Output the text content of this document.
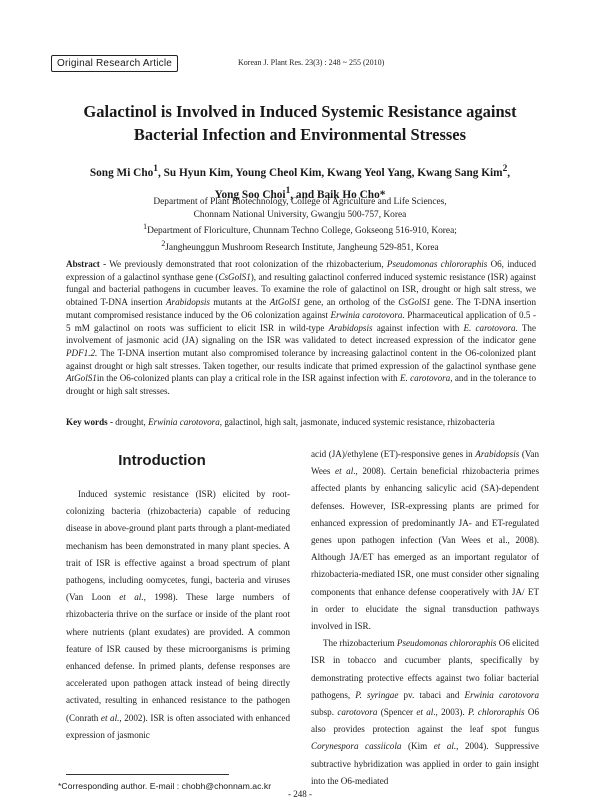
Original Research Article	Korean J. Plant Res. 23(3) : 248 ~ 255 (2010)
Galactinol is Involved in Induced Systemic Resistance against
Bacterial Infection and Environmental Stresses
Song Mi Cho$^1$, Su Hyun Kim, Young Cheol Kim, Kwang Yeol Yang, Kwang Sang Kim$^2$,
Yong Soo Choi$^1$, and Baik Ho Cho*
Department of Plant Biotechnology, College of Agriculture and Life Sciences,
Chonnam National University, Gwangju 500-757, Korea
$^1$Department of Floriculture, Chunnam Techno College, Gokseong 516-910, Korea;
$^2$Jangheunggun Mushroom Research Institute, Jangheung 529-851, Korea
Abstract - We previously demonstrated that root colonization of the rhizobacterium, Pseudomonas chlororaphis O6, induced expression of a galactinol synthase gene (CsGolS1), and resulting galactinol conferred induced systemic resistance (ISR) against fungal and bacterial pathogens in cucumber leaves. To examine the role of galactinol on ISR, drought or high salt stress, we obtained T-DNA insertion Arabidopsis mutants at the AtGolS1 gene, an ortholog of the CsGolS1 gene. The T-DNA insertion mutant compromised resistance induced by the O6 colonization against Erwinia carotovora. Pharmaceutical application of 0.5 - 5 mM galactinol on roots was sufficient to elicit ISR in wild-type Arabidopsis against infection with E. carotovora. The involvement of jasmonic acid (JA) signaling on the ISR was validated to detect increased expression of the indicator gene PDF1.2. The T-DNA insertion mutant also compromised tolerance by increasing galactinol content in the O6-colonized plant against drought or high salt stresses. Taken together, our results indicate that primed expression of the galactinol synthase gene AtGolS1in the O6-colonized plants can play a critical role in the ISR against infection with E. carotovora, and in the tolerance to drought or high salt stresses.
Key words - drought, Erwinia carotovora, galactinol, high salt, jasmonate, induced systemic resistance, rhizobacteria
Introduction

Induced systemic resistance (ISR) elicited by root-colonizing bacteria (rhizobacteria) capable of reducing disease in above-ground plant parts through a plant-mediated mechanism has been demonstrated in many plant species. A trait of ISR is effective against a broad spectrum of plant pathogens, including oomycetes, fungi, bacteria and viruses (Van Loon et al., 1998). These large numbers of rhizobacteria thrive on the surface or inside of the plant root where nutrients (plant exudates) are provided. A common feature of ISR caused by these microorganisms is priming enhanced defense. In primed plants, defense responses are accelerated upon pathogen attack instead of being directly activated, resulting in enhanced resistance to the pathogen (Conrath et al., 2002). ISR is often associated with enhanced expression of jasmonic

acid (JA)/ethylene (ET)-responsive genes in Arabidopsis (Van Wees et al., 2008). Certain beneficial rhizobacteria primes affected plants by enhancing salicylic acid (SA)-dependent defenses. However, ISR-expressing plants are primed for enhanced expression of predominantly JA- and ET-regulated genes upon pathogen infection (Van Wees et al., 2008). Although JA/ET has emerged as an important regulator of rhizobacteria-mediated ISR, one must consider other signaling components that enhance defense cooperatively with JA/ ET in order to elucidate the signal transduction pathways involved in ISR.

The rhizobacterium Pseudomonas chlororaphis O6 elicited ISR in tobacco and cucumber plants, specifically by demonstrating protective effects against two foliar bacterial pathogens, P. syringae pv. tabaci and Erwinia carotovora subsp. carotovora (Spencer et al., 2003). P. chlororaphis O6 also provides protection against the leaf spot fungus Corynespora cassiicola (Kim et al., 2004). Suppressive subtractive hybridization was applied in order to gain insight into the O6-mediated

*Corresponding author. E-mail : chobh@chonnam.ac.kr
- 248 -
